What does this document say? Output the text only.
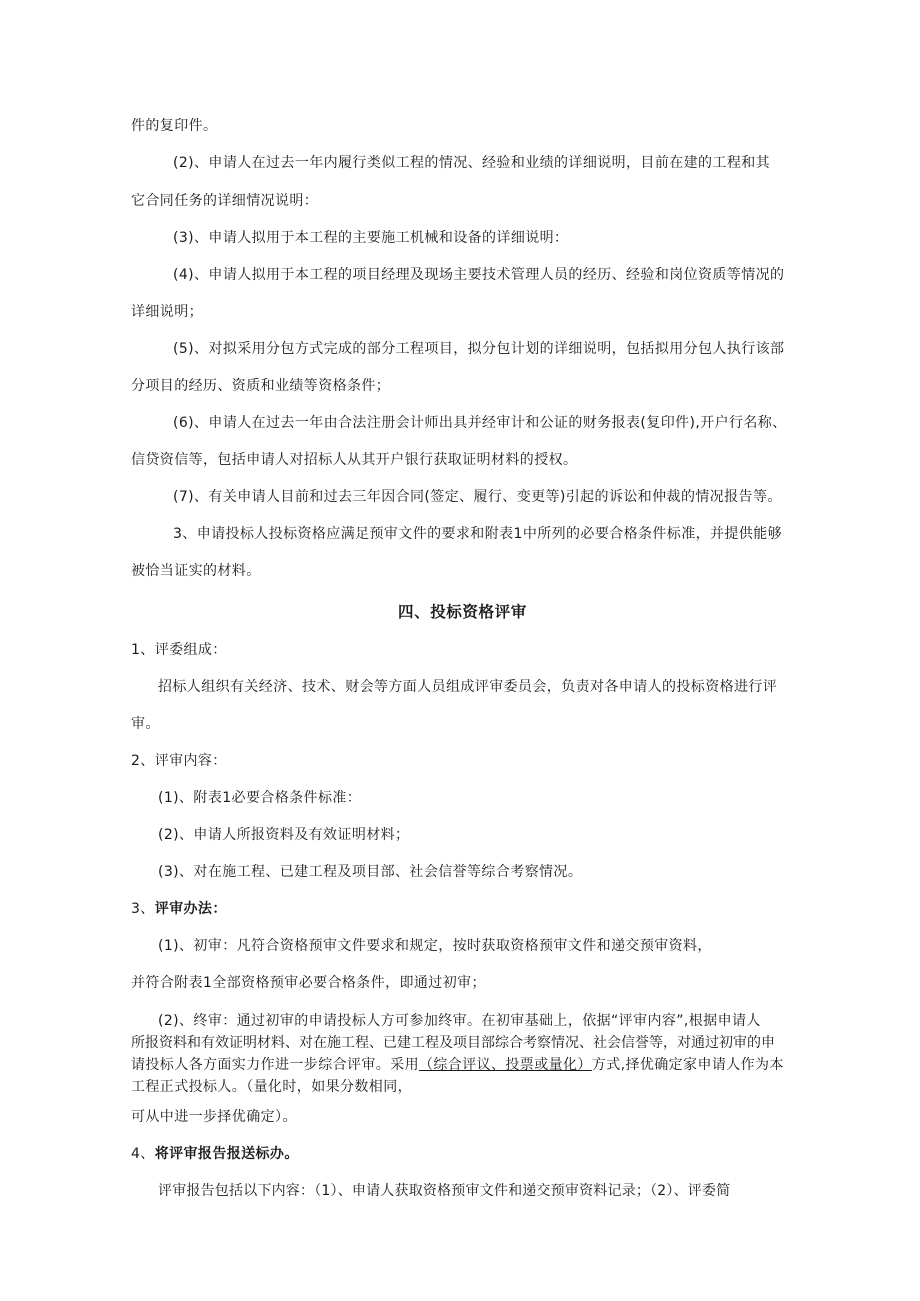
件的复印件。

(2)、申请人在过去一年内履行类似工程的情况、经验和业绩的详细说明，目前在建的工程和其

它合同任务的详细情况说明：

(3)、申请人拟用于本工程的主要施工机械和设备的详细说明：

(4)、申请人拟用于本工程的项目经理及现场主要技术管理人员的经历、经验和岗位资质等情况的

详细说明；

(5)、对拟采用分包方式完成的部分工程项目，拟分包计划的详细说明，包括拟用分包人执行该部

分项目的经历、资质和业绩等资格条件；

(6)、申请人在过去一年由合法注册会计师出具并经审计和公证的财务报表(复印件),开户行名称、

信贷资信等，包括申请人对招标人从其开户银行获取证明材料的授权。

(7)、有关申请人目前和过去三年因合同(签定、履行、变更等)引起的诉讼和仲裁的情况报告等。

3、申请投标人投标资格应满足预审文件的要求和附表1中所列的必要合格条件标准，并提供能够

被恰当证实的材料。

四、投标资格评审

1、评委组成：

招标人组织有关经济、技术、财会等方面人员组成评审委员会，负责对各申请人的投标资格进行评

审。

2、评审内容：

(1)、附表1必要合格条件标准：

(2)、申请人所报资料及有效证明材料；

(3)、对在施工程、已建工程及项目部、社会信誉等综合考察情况。

3、评审办法：

(1)、初审：凡符合资格预审文件要求和规定，按时获取资格预审文件和递交预审资料，

并符合附表1全部资格预审必要合格条件，即通过初审；

(2)、终审：通过初审的申请投标人方可参加终审。在初审基础上，依据“评审内容”,根据申请人

所报资料和有效证明材料、对在施工程、已建工程及项目部综合考察情况、社会信誉等，对通过初审的申

请投标人各方面实力作进一步综合评审。采用（综合评议、投票或量化）方式,择优确定家申请人作为本

工程正式投标人。（量化时，如果分数相同，

可从中进一步择优确定）。

4、将评审报告报送标办。

评审报告包括以下内容：（1）、申请人获取资格预审文件和递交预审资料记录；（2）、评委简
